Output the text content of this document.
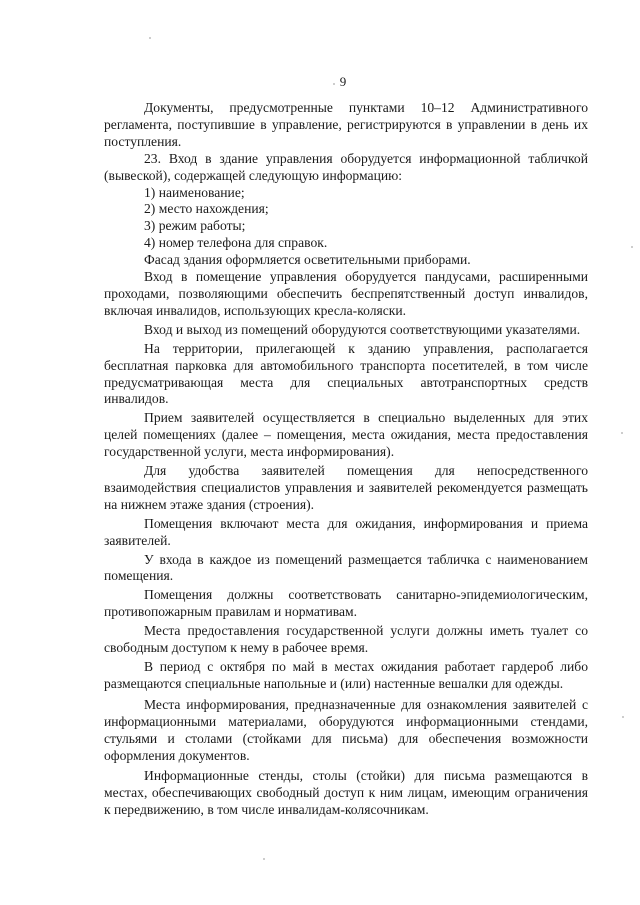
9

Документы, предусмотренные пунктами 10–12 Административного регламента, поступившие в управление, регистрируются в управлении в день их поступления.

23. Вход в здание управления оборудуется информационной табличкой (вывеской), содержащей следующую информацию:

1) наименование;

2) место нахождения;

3) режим работы;

4) номер телефона для справок.

Фасад здания оформляется осветительными приборами.

Вход в помещение управления оборудуется пандусами, расширенными проходами, позволяющими обеспечить беспрепятственный доступ инвалидов, включая инвалидов, использующих кресла-коляски.

Вход и выход из помещений оборудуются соответствующими указателями.

На территории, прилегающей к зданию управления, располагается бесплатная парковка для автомобильного транспорта посетителей, в том числе предусматривающая места для специальных автотранспортных средств инвалидов.

Прием заявителей осуществляется в специально выделенных для этих целей помещениях (далее – помещения, места ожидания, места предоставления государственной услуги, места информирования).

Для удобства заявителей помещения для непосредственного взаимодействия специалистов управления и заявителей рекомендуется размещать на нижнем этаже здания (строения).

Помещения включают места для ожидания, информирования и приема заявителей.

У входа в каждое из помещений размещается табличка с наименованием помещения.

Помещения должны соответствовать санитарно-эпидемиологическим, противопожарным правилам и нормативам.

Места предоставления государственной услуги должны иметь туалет со свободным доступом к нему в рабочее время.

В период с октября по май в местах ожидания работает гардероб либо размещаются специальные напольные и (или) настенные вешалки для одежды.

Места информирования, предназначенные для ознакомления заявителей с информационными материалами, оборудуются информационными стендами, стульями и столами (стойками для письма) для обеспечения возможности оформления документов.

Информационные стенды, столы (стойки) для письма размещаются в местах, обеспечивающих свободный доступ к ним лицам, имеющим ограничения к передвижению, в том числе инвалидам-колясочникам.
